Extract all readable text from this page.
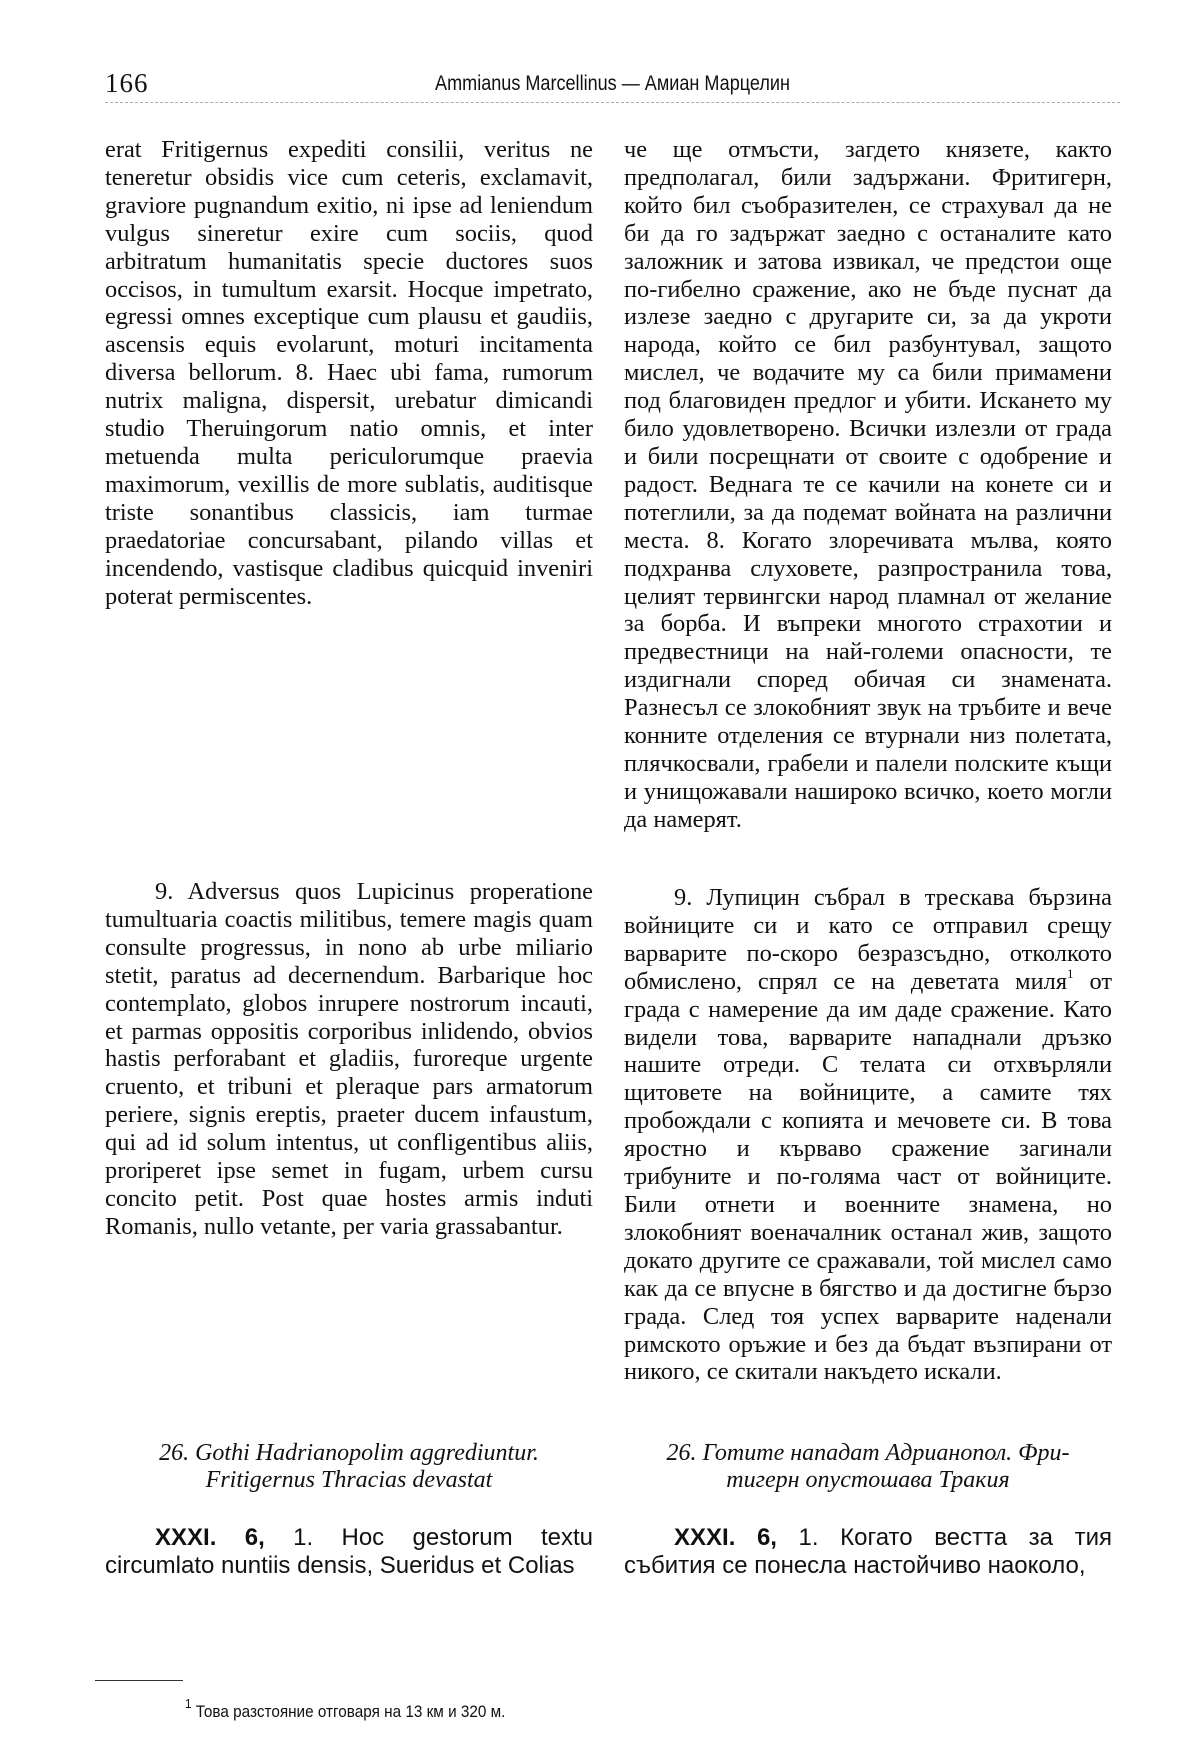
166	Ammianus Marcellinus — Амиан Марцелин

erat Fritigernus expediti consilii, veritus ne teneretur obsidis vice cum ceteris, exclamavit, graviore pugnandum exitio, ni ipse ad leniendum vulgus sineretur exire cum sociis, quod arbitratum humanitatis specie ductores suos occisos, in tumultum exarsit. Hocque impetrato, egressi omnes exceptique cum plausu et gaudiis, ascensis equis evolarunt, moturi incitamenta diversa bellorum. 8. Haec ubi fama, rumorum nutrix maligna, dispersit, urebatur dimicandi studio Theruingorum natio omnis, et inter metuenda multa periculorumque praevia maximorum, vexillis de more sublatis, auditisque triste sonantibus classicis, iam turmae praedatoriae concursabant, pilando villas et incendendo, vastisque cladibus quicquid inveniri poterat permiscentes.

9. Adversus quos Lupicinus properatione tumultuaria coactis militibus, temere magis quam consulte progressus, in nono ab urbe miliario stetit, paratus ad decernendum. Barbarique hoc contemplato, globos inrupere nostrorum incauti, et parmas oppositis corporibus inlidendo, obvios hastis perforabant et gladiis, furoreque urgente cruento, et tribuni et pleraque pars armatorum periere, signis ereptis, praeter ducem infaustum, qui ad id solum intentus, ut confligentibus aliis, proriperet ipse semet in fugam, urbem cursu concito petit. Post quae hostes armis induti Romanis, nullo vetante, per varia grassabantur.

26. Gothi Hadrianopolim aggrediuntur.
Fritigernus Thracias devastat

XXXI. 6, 1. Hoc gestorum textu circumlato nuntiis densis, Sueridus et Colias

че ще отмъсти, загдето князете, както предполагал, били задържани. Фритигерн, който бил съобразителен, се страхувал да не би да го задържат заедно с останалите като заложник и затова извикал, че предстои още по-гибелно сражение, ако не бъде пуснат да излезе заедно с другарите си, за да укроти народа, който се бил разбунтувал, защото мислел, че водачите му са били примамени под благовиден предлог и убити. Искането му било удовлетворено. Всички излезли от града и били посрещнати от своите с одобрение и радост. Веднага те се качили на конете си и потеглили, за да подемат войната на различни места. 8. Когато злоречивата мълва, която подхранва слуховете, разпространила това, целият тервингски народ пламнал от желание за борба. И въпреки многото страхотии и предвестници на най-големи опасности, те издигнали според обичая си знамената. Разнесъл се злокобният звук на тръбите и вече конните отделения се втурнали низ полетата, плячкосвали, грабели и палели полските къщи и унищожавали нашироко всичко, което могли да намерят.

9. Лупицин събрал в трескава бързина войниците си и като се отправил срещу варварите по-скоро безразсъдно, отколкото обмислено, спрял се на деветата миля$^1$ от града с намерение да им даде сражение. Като видели това, варварите нападнали дръзко нашите отреди. С телата си отхвърляли щитовете на войниците, а самите тях пробождали с копията и мечовете си. В това яростно и кърваво сражение загинали трибуните и по-голяма част от войниците. Били отнети и военните знамена, но злокобният военачалник останал жив, защото докато другите се сражавали, той мислел само как да се впусне в бягство и да достигне бързо града. След тоя успех варварите наденали римското оръжие и без да бъдат възпирани от никого, се скитали накъдето искали.

26. Готите нападат Адрианопол. Фри-
тигерн опустошава Тракия

XXXI. 6, 1. Когато вестта за тия събития се понесла настойчиво наоколо,

$^1$ Това разстояние отговаря на 13 км и 320 м.
